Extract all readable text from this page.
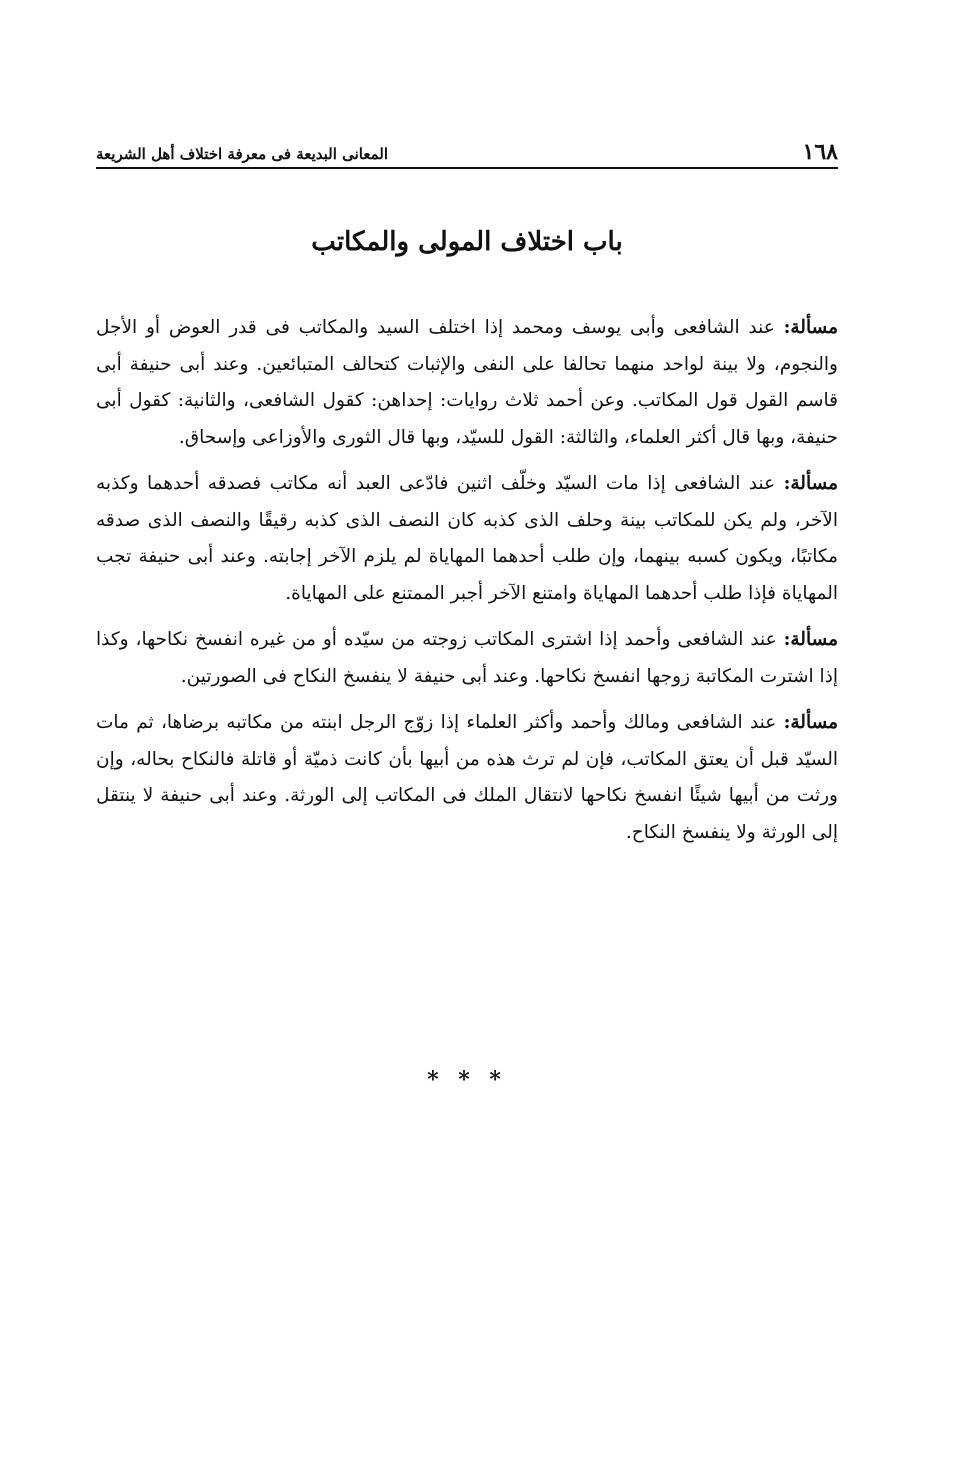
١٦٨
المعانى البديعة فى معرفة اختلاف أهل الشريعة
باب اختلاف المولى والمكاتب

مسألة: عند الشافعى وأبى يوسف ومحمد إذا اختلف السيد والمكاتب فى قدر العوض أو الأجل والنجوم، ولا بينة لواحد منهما تحالفا على النفى والإثبات كتحالف المتبائعين. وعند أبى حنيفة أبى قاسم القول قول المكاتب. وعن أحمد ثلاث روايات: إحداهن: كقول الشافعى، والثانية: كقول أبى حنيفة، وبها قال أكثر العلماء، والثالثة: القول للسيّد، وبها قال الثورى والأوزاعى وإسحاق.

مسألة: عند الشافعى إذا مات السيّد وخلّف اثنين فادّعى العبد أنه مكاتب فصدقه أحدهما وكذبه الآخر، ولم يكن للمكاتب بينة وحلف الذى كذبه كان النصف الذى كذبه رقيقًا والنصف الذى صدقه مكاتبًا، ويكون كسبه بينهما، وإن طلب أحدهما المهاياة لم يلزم الآخر إجابته. وعند أبى حنيفة تجب المهاياة فإذا طلب أحدهما المهاياة وامتنع الآخر أجبر الممتنع على المهاياة.

مسألة: عند الشافعى وأحمد إذا اشترى المكاتب زوجته من سيّده أو من غيره انفسخ نكاحها، وكذا إذا اشترت المكاتبة زوجها انفسخ نكاحها. وعند أبى حنيفة لا ينفسخ النكاح فى الصورتين.

مسألة: عند الشافعى ومالك وأحمد وأكثر العلماء إذا زوّج الرجل ابنته من مكاتبه برضاها، ثم مات السيّد قبل أن يعتق المكاتب، فإن لم ترث هذه من أبيها بأن كانت ذميّة أو قاتلة فالنكاح بحاله، وإن ورثت من أبيها شيئًا انفسخ نكاحها لانتقال الملك فى المكاتب إلى الورثة. وعند أبى حنيفة لا ينتقل إلى الورثة ولا ينفسخ النكاح.

* * *
